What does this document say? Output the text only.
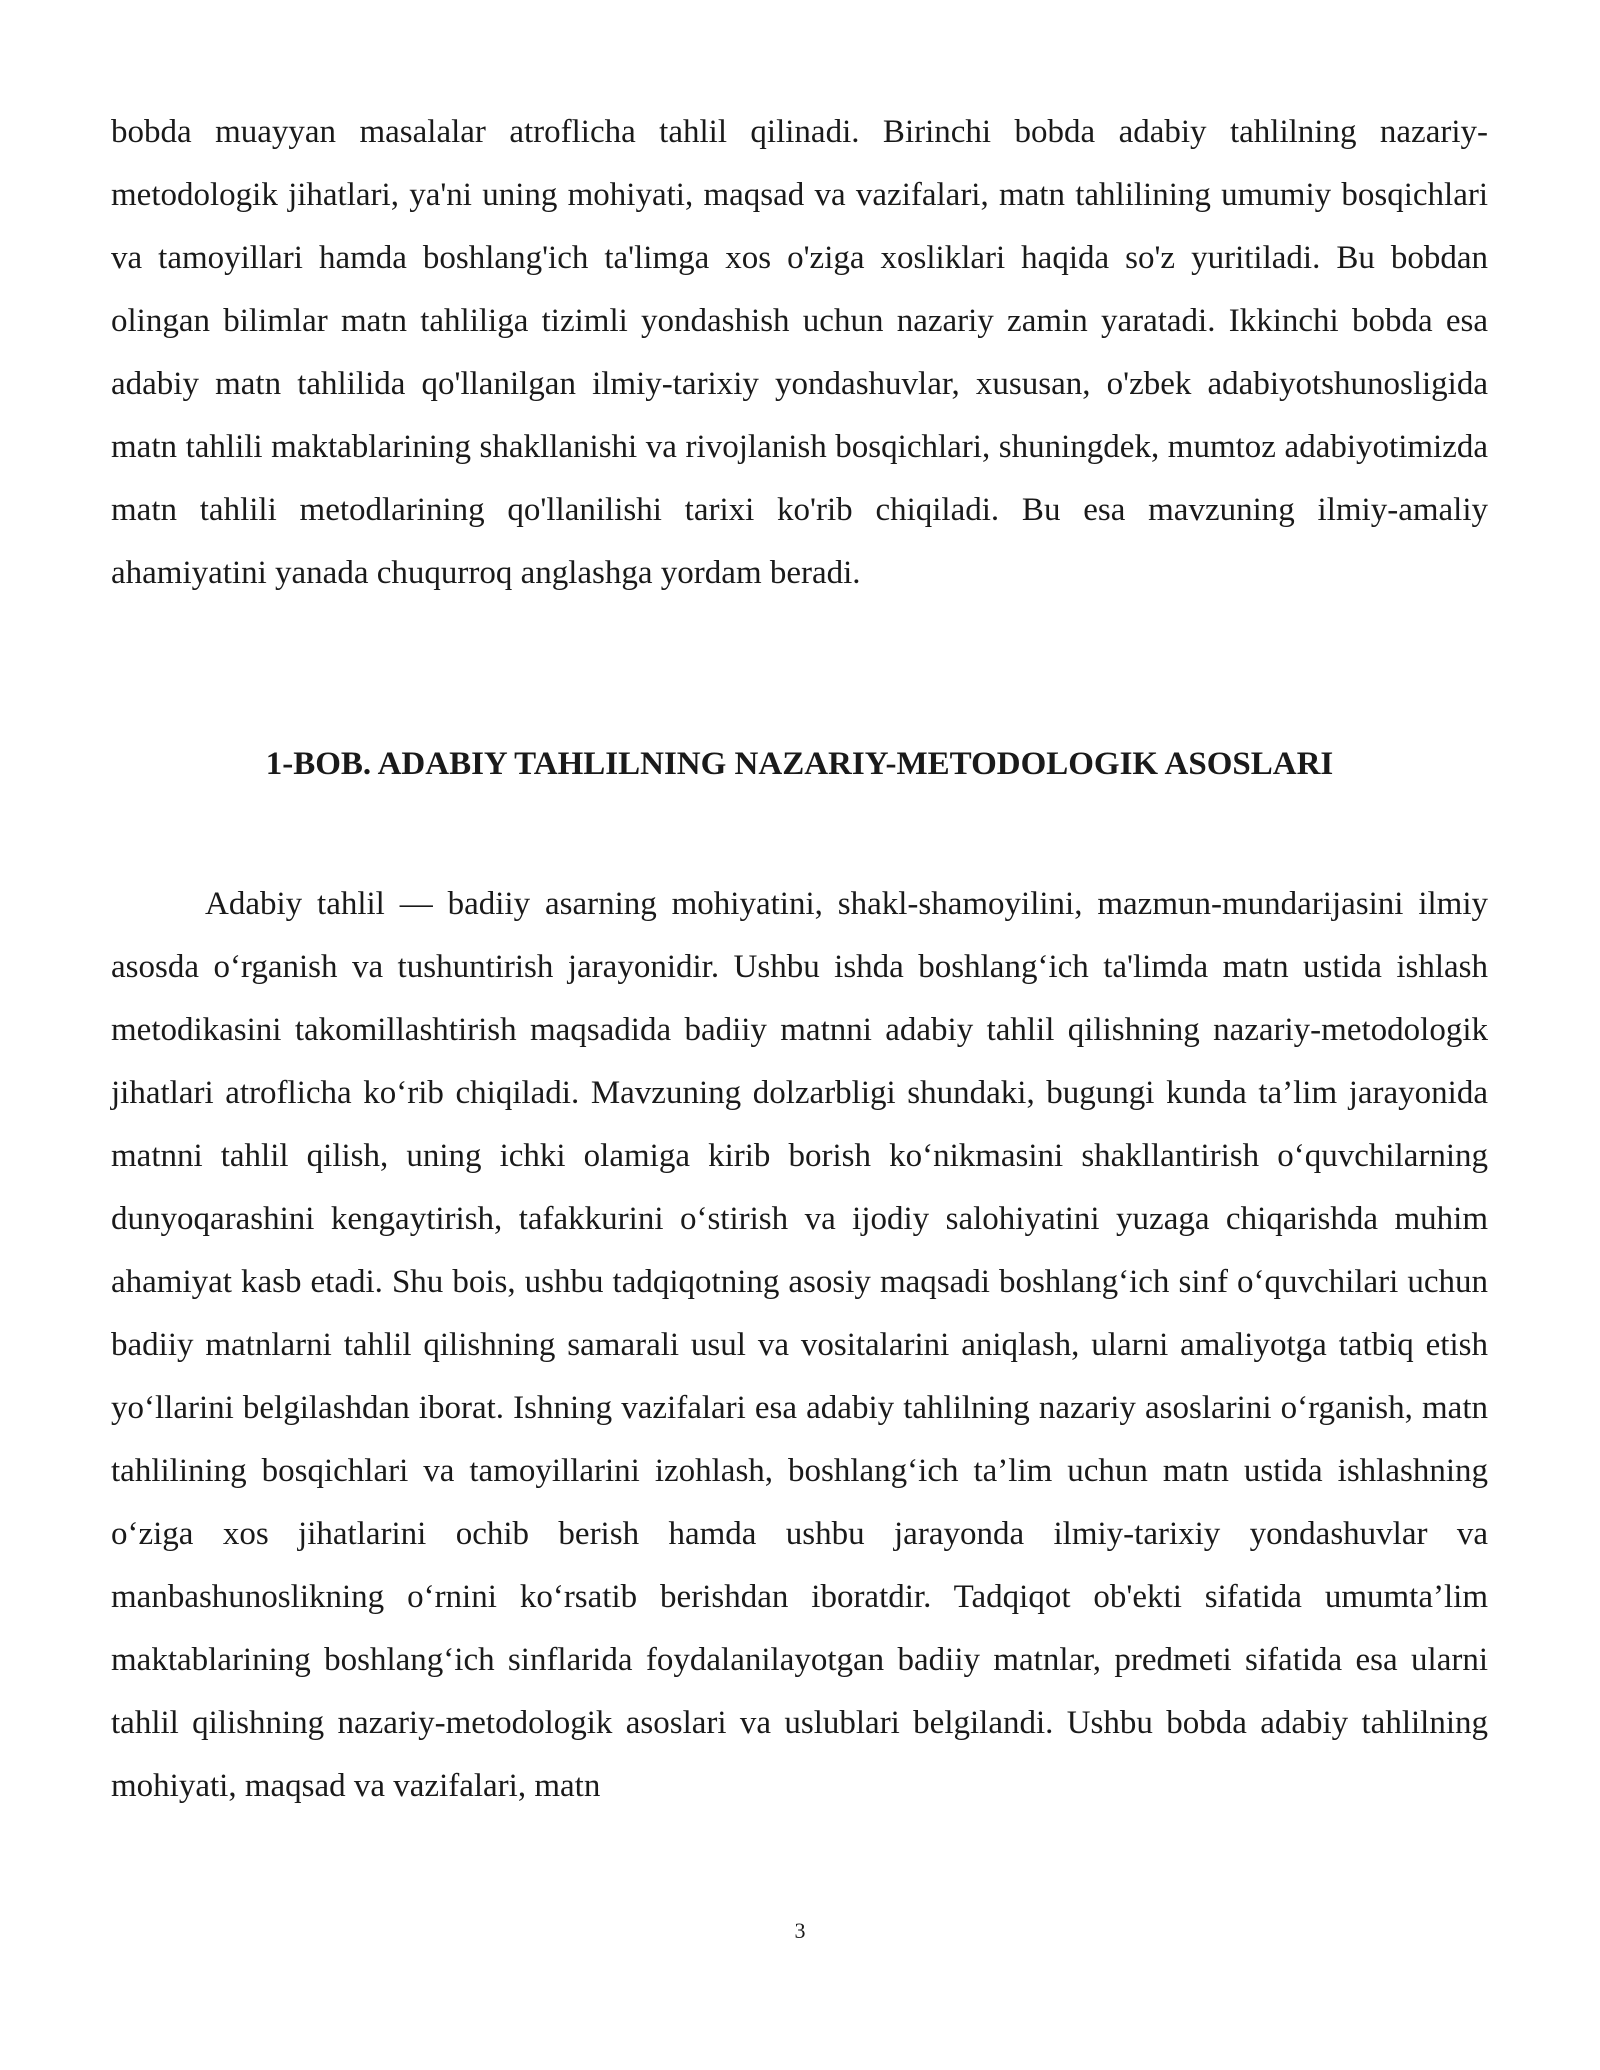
bobda muayyan masalalar atroflicha tahlil qilinadi. Birinchi bobda adabiy tahlilning nazariy-metodologik jihatlari, ya'ni uning mohiyati, maqsad va vazifalari, matn tahlilining umumiy bosqichlari va tamoyillari hamda boshlang'ich ta'limga xos o'ziga xosliklari haqida so'z yuritiladi. Bu bobdan olingan bilimlar matn tahliliga tizimli yondashish uchun nazariy zamin yaratadi. Ikkinchi bobda esa adabiy matn tahlilida qo'llanilgan ilmiy-tarixiy yondashuvlar, xususan, o'zbek adabiyotshunosligida matn tahlili maktablarining shakllanishi va rivojlanish bosqichlari, shuningdek, mumtoz adabiyotimizda matn tahlili metodlarining qo'llanilishi tarixi ko'rib chiqiladi. Bu esa mavzuning ilmiy-amaliy ahamiyatini yanada chuqurroq anglashga yordam beradi.

1-BOB. ADABIY TAHLILNING NAZARIY-METODOLOGIK ASOSLARI

Adabiy tahlil — badiiy asarning mohiyatini, shakl-shamoyilini, mazmun-mundarijasini ilmiy asosda o‘rganish va tushuntirish jarayonidir. Ushbu ishda boshlang‘ich ta'limda matn ustida ishlash metodikasini takomillashtirish maqsadida badiiy matnni adabiy tahlil qilishning nazariy-metodologik jihatlari atroflicha ko‘rib chiqiladi. Mavzuning dolzarbligi shundaki, bugungi kunda ta’lim jarayonida matnni tahlil qilish, uning ichki olamiga kirib borish ko‘nikmasini shakllantirish o‘quvchilarning dunyoqarashini kengaytirish, tafakkurini o‘stirish va ijodiy salohiyatini yuzaga chiqarishda muhim ahamiyat kasb etadi. Shu bois, ushbu tadqiqotning asosiy maqsadi boshlang‘ich sinf o‘quvchilari uchun badiiy matnlarni tahlil qilishning samarali usul va vositalarini aniqlash, ularni amaliyotga tatbiq etish yo‘llarini belgilashdan iborat. Ishning vazifalari esa adabiy tahlilning nazariy asoslarini o‘rganish, matn tahlilining bosqichlari va tamoyillarini izohlash, boshlang‘ich ta’lim uchun matn ustida ishlashning o‘ziga xos jihatlarini ochib berish hamda ushbu jarayonda ilmiy-tarixiy yondashuvlar va manbashunoslikning o‘rnini ko‘rsatib berishdan iboratdir. Tadqiqot ob'ekti sifatida umumta’lim maktablarining boshlang‘ich sinflarida foydalanilayotgan badiiy matnlar, predmeti sifatida esa ularni tahlil qilishning nazariy-metodologik asoslari va uslublari belgilandi. Ushbu bobda adabiy tahlilning mohiyati, maqsad va vazifalari, matn

3
